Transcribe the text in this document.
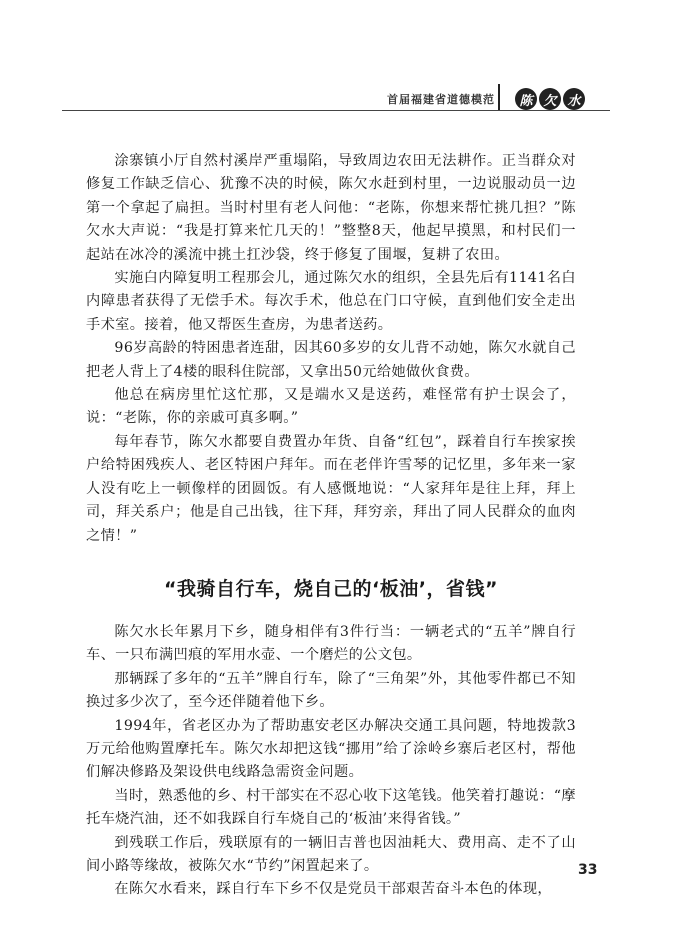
首届福建省道德模范	陈 欠 水

涂寨镇小厅自然村溪岸严重塌陷，导致周边农田无法耕作。正当群众对修复工作缺乏信心、犹豫不决的时候，陈欠水赶到村里，一边说服动员一边第一个拿起了扁担。当时村里有老人问他：“老陈，你想来帮忙挑几担？”陈欠水大声说：“我是打算来忙几天的！”整整8天，他起早摸黑，和村民们一起站在冰冷的溪流中挑土扛沙袋，终于修复了围堰，复耕了农田。

实施白内障复明工程那会儿，通过陈欠水的组织，全县先后有1141名白内障患者获得了无偿手术。每次手术，他总在门口守候，直到他们安全走出手术室。接着，他又帮医生查房，为患者送药。

96岁高龄的特困患者连甜，因其60多岁的女儿背不动她，陈欠水就自己把老人背上了4楼的眼科住院部，又拿出50元给她做伙食费。

他总在病房里忙这忙那，又是端水又是送药，难怪常有护士误会了，说：“老陈，你的亲戚可真多啊。”

每年春节，陈欠水都要自费置办年货、自备“红包”，踩着自行车挨家挨户给特困残疾人、老区特困户拜年。而在老伴许雪琴的记忆里，多年来一家人没有吃上一顿像样的团圆饭。有人感慨地说：“人家拜年是往上拜，拜上司，拜关系户；他是自己出钱，往下拜，拜穷亲，拜出了同人民群众的血肉之情！”

“我骑自行车，烧自己的‘板油’，省钱”

陈欠水长年累月下乡，随身相伴有3件行当：一辆老式的“五羊”牌自行车、一只布满凹痕的军用水壶、一个磨烂的公文包。

那辆踩了多年的“五羊”牌自行车，除了“三角架”外，其他零件都已不知换过多少次了，至今还伴随着他下乡。

1994年，省老区办为了帮助惠安老区办解决交通工具问题，特地拨款3万元给他购置摩托车。陈欠水却把这钱“挪用”给了涂岭乡寨后老区村，帮他们解决修路及架设供电线路急需资金问题。

当时，熟悉他的乡、村干部实在不忍心收下这笔钱。他笑着打趣说：“摩托车烧汽油，还不如我踩自行车烧自己的‘板油’来得省钱。”

到残联工作后，残联原有的一辆旧吉普也因油耗大、费用高、走不了山间小路等缘故，被陈欠水“节约”闲置起来了。

在陈欠水看来，踩自行车下乡不仅是党员干部艰苦奋斗本色的体现，

33
